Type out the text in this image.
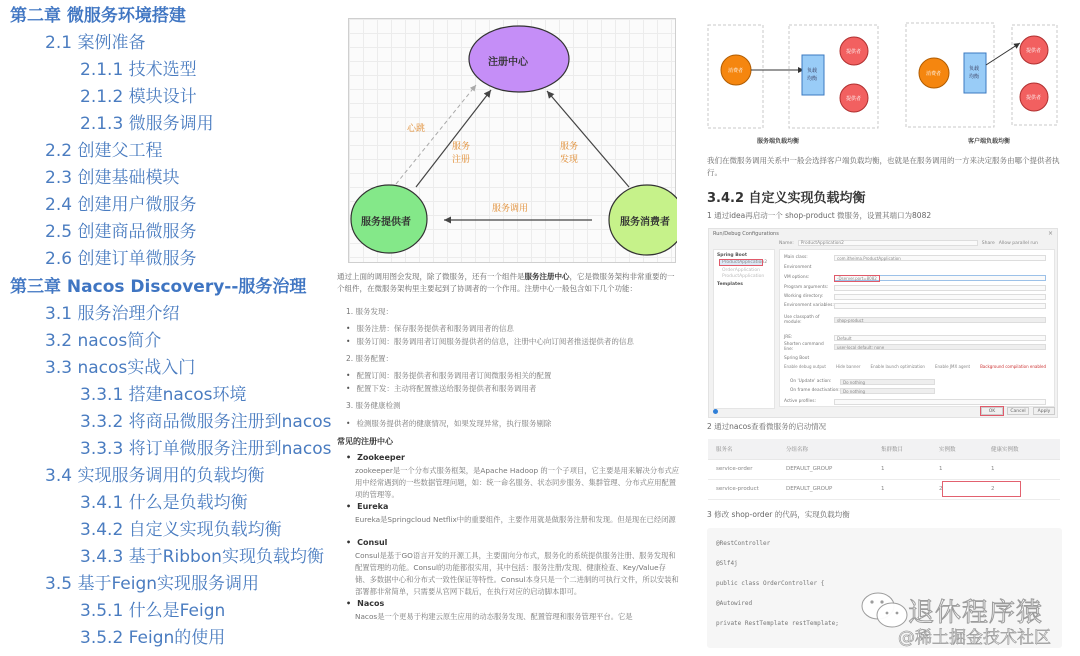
第二章 微服务环境搭建
2.1 案例准备
2.1.1 技术选型
2.1.2 模块设计
2.1.3 微服务调用
2.2 创建父工程
2.3 创建基础模块
2.4 创建用户微服务
2.5 创建商品微服务
2.6 创建订单微服务
第三章 Nacos Discovery--服务治理
3.1 服务治理介绍
3.2 nacos简介
3.3 nacos实战入门
3.3.1 搭建nacos环境
3.3.2 将商品微服务注册到nacos
3.3.3 将订单微服务注册到nacos
3.4 实现服务调用的负载均衡
3.4.1 什么是负载均衡
3.4.2 自定义实现负载均衡
3.4.3 基于Ribbon实现负载均衡
3.5 基于Feign实现服务调用
3.5.1 什么是Feign
3.5.2 Feign的使用
注册中心
服务提供者	服务消费者
心跳
服务
注册
服务
发现
服务调用

通过上面的调用图会发现，除了微服务，还有一个组件是服务注册中心，它是微服务架构非常重要的一个组件，在微服务架构里主要起到了协调者的一个作用。注册中心一般包含如下几个功能：

1. 服务发现：
• 服务注册：保存服务提供者和服务调用者的信息
• 服务订阅：服务调用者订阅服务提供者的信息，注册中心向订阅者推送提供者的信息
2. 服务配置：
• 配置订阅：服务提供者和服务调用者订阅微服务相关的配置
• 配置下发：主动将配置推送给服务提供者和服务调用者
3. 服务健康检测
• 检测服务提供者的健康情况，如果发现异常，执行服务剔除
常见的注册中心
• Zookeeper
zookeeper是一个分布式服务框架，是Apache Hadoop 的一个子项目，它主要是用来解决分布式应用中经常遇到的一些数据管理问题，如：统一命名服务、状态同步服务、集群管理、分布式应用配置项的管理等。
• Eureka
Eureka是Springcloud Netflix中的重要组件，主要作用就是做服务注册和发现。但是现在已经闭源
• Consul
Consul是基于GO语言开发的开源工具，主要面向分布式，服务化的系统提供服务注册、服务发现和配置管理的功能。Consul的功能都很实用，其中包括：服务注册/发现、健康检查、Key/Value存储、多数据中心和分布式一致性保证等特性。Consul本身只是一个二进制的可执行文件，所以安装和部署都非常简单，只需要从官网下载后，在执行对应的启动脚本即可。
• Nacos
Nacos是一个更易于构建云原生应用的动态服务发现、配置管理和服务管理平台。它是
消费者	负载
均衡
提供者
提供者
消费者
负载
均衡
提供者
提供者
服务端负载均衡	客户端负载均衡

我们在微服务调用关系中一般会选择客户端负载均衡，也就是在服务调用的一方来决定服务由哪个提供者执行。

3.4.2 自定义实现负载均衡

1 通过idea再启动一个 shop-product 微服务，设置其端口为8082

Run/Debug Configurations	×
Name:	ProductApplication2	Share Allow parallel run
Spring Boot
ProductApplication2
OrderApplication
ProductApplication
Templates
Main class:	com.itheima.ProductApplication
Environment
VM options:	-Dserver.port=8082
Program arguments:
Working directory:
Environment variables:
Use classpath of module:	shop-product
JRE:	Default
Shorten command line:	user-local default: none
Spring Boot
Enable debug output	Hide banner	Enable launch optimization	Enable JMX agent	Background compilation enabled
On 'Update' action:	Do nothing
On frame deactivation: Do nothing
Active profiles:
OK	Cancel	Apply

2 通过nacos查看微服务的启动情况

服务名	分组名称	集群数目	实例数	健康实例数
service-order	DEFAULT_GROUP	1	1	1
service-product	DEFAULT_GROUP	1	2	2

3 修改 shop-order 的代码，实现负载均衡

@RestController
@Slf4j
public class OrderController {
@Autowired
private RestTemplate restTemplate;	退休程序猿
@稀土掘金技术社区
